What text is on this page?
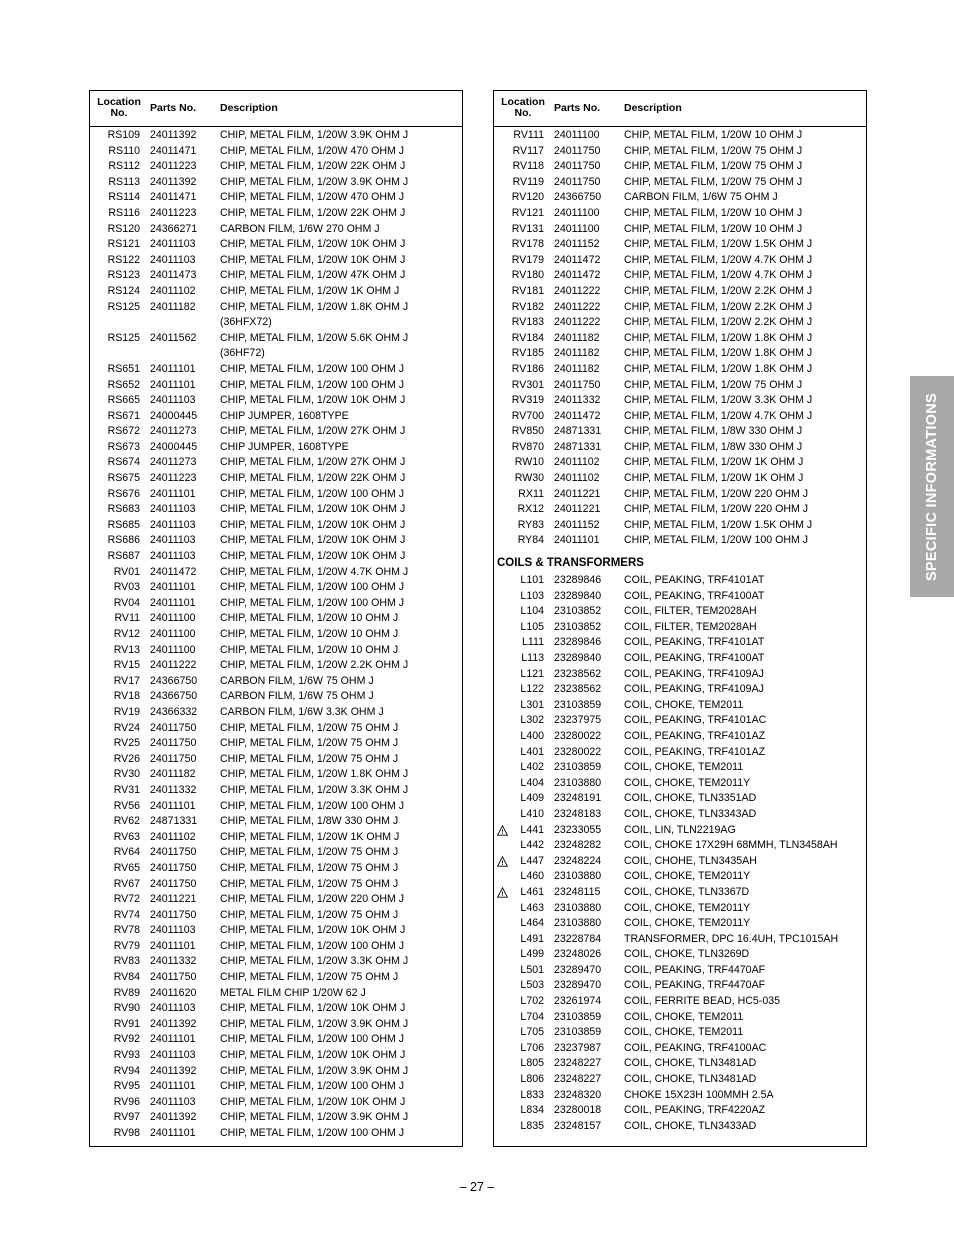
Location
No.	Parts No. Description
RS109 24011392 CHIP, METAL FILM, 1/20W 3.9K OHM J
RS110 24011471 CHIP, METAL FILM, 1/20W 470 OHM J
RS112 24011223 CHIP, METAL FILM, 1/20W 22K OHM J
RS113 24011392 CHIP, METAL FILM, 1/20W 3.9K OHM J
RS114 24011471 CHIP, METAL FILM, 1/20W 470 OHM J
RS116 24011223 CHIP, METAL FILM, 1/20W 22K OHM J
RS120 24366271 CARBON FILM, 1/6W 270 OHM J
RS121 24011103 CHIP, METAL FILM, 1/20W 10K OHM J
RS122 24011103 CHIP, METAL FILM, 1/20W 10K OHM J
RS123 24011473 CHIP, METAL FILM, 1/20W 47K OHM J
RS124 24011102 CHIP, METAL FILM, 1/20W 1K OHM J
RS125 24011182 CHIP, METAL FILM, 1/20W 1.8K OHM J
(36HFX72)
RS125 24011562 CHIP, METAL FILM, 1/20W 5.6K OHM J
(36HF72)
RS651 24011101 CHIP, METAL FILM, 1/20W 100 OHM J
RS652 24011101 CHIP, METAL FILM, 1/20W 100 OHM J
RS665 24011103 CHIP, METAL FILM, 1/20W 10K OHM J
RS671 24000445 CHIP JUMPER, 1608TYPE
RS672 24011273 CHIP, METAL FILM, 1/20W 27K OHM J
RS673 24000445 CHIP JUMPER, 1608TYPE
RS674 24011273 CHIP, METAL FILM, 1/20W 27K OHM J
RS675 24011223 CHIP, METAL FILM, 1/20W 22K OHM J
RS676 24011101 CHIP, METAL FILM, 1/20W 100 OHM J
RS683 24011103 CHIP, METAL FILM, 1/20W 10K OHM J
RS685 24011103 CHIP, METAL FILM, 1/20W 10K OHM J
RS686 24011103 CHIP, METAL FILM, 1/20W 10K OHM J
RS687 24011103 CHIP, METAL FILM, 1/20W 10K OHM J
RV01 24011472 CHIP, METAL FILM, 1/20W 4.7K OHM J
RV03 24011101 CHIP, METAL FILM, 1/20W 100 OHM J
RV04 24011101 CHIP, METAL FILM, 1/20W 100 OHM J
RV11 24011100 CHIP, METAL FILM, 1/20W 10 OHM J
RV12 24011100 CHIP, METAL FILM, 1/20W 10 OHM J
RV13 24011100 CHIP, METAL FILM, 1/20W 10 OHM J
RV15 24011222 CHIP, METAL FILM, 1/20W 2.2K OHM J
RV17 24366750 CARBON FILM, 1/6W 75 OHM J
RV18 24366750 CARBON FILM, 1/6W 75 OHM J
RV19 24366332 CARBON FILM, 1/6W 3.3K OHM J
RV24 24011750 CHIP, METAL FILM, 1/20W 75 OHM J
RV25 24011750 CHIP, METAL FILM, 1/20W 75 OHM J
RV26 24011750 CHIP, METAL FILM, 1/20W 75 OHM J
RV30 24011182 CHIP, METAL FILM, 1/20W 1.8K OHM J
RV31 24011332 CHIP, METAL FILM, 1/20W 3.3K OHM J
RV56 24011101 CHIP, METAL FILM, 1/20W 100 OHM J
RV62 24871331 CHIP, METAL FILM, 1/8W 330 OHM J
RV63 24011102 CHIP, METAL FILM, 1/20W 1K OHM J
RV64 24011750 CHIP, METAL FILM, 1/20W 75 OHM J
RV65 24011750 CHIP, METAL FILM, 1/20W 75 OHM J
RV67 24011750 CHIP, METAL FILM, 1/20W 75 OHM J
RV72 24011221 CHIP, METAL FILM, 1/20W 220 OHM J
RV74 24011750 CHIP, METAL FILM, 1/20W 75 OHM J
RV78 24011103 CHIP, METAL FILM, 1/20W 10K OHM J
RV79 24011101 CHIP, METAL FILM, 1/20W 100 OHM J
RV83 24011332 CHIP, METAL FILM, 1/20W 3.3K OHM J
RV84 24011750 CHIP, METAL FILM, 1/20W 75 OHM J
RV89 24011620 METAL FILM CHIP 1/20W 62 J
RV90 24011103 CHIP, METAL FILM, 1/20W 10K OHM J
RV91 24011392 CHIP, METAL FILM, 1/20W 3.9K OHM J
RV92 24011101 CHIP, METAL FILM, 1/20W 100 OHM J
RV93 24011103 CHIP, METAL FILM, 1/20W 10K OHM J
RV94 24011392 CHIP, METAL FILM, 1/20W 3.9K OHM J
RV95 24011101 CHIP, METAL FILM, 1/20W 100 OHM J
RV96 24011103 CHIP, METAL FILM, 1/20W 10K OHM J
RV97 24011392 CHIP, METAL FILM, 1/20W 3.9K OHM J
RV98 24011101 CHIP, METAL FILM, 1/20W 100 OHM J
Location
No.	Parts No. Description
RV111 24011100 CHIP, METAL FILM, 1/20W 10 OHM J
RV117 24011750 CHIP, METAL FILM, 1/20W 75 OHM J
RV118 24011750 CHIP, METAL FILM, 1/20W 75 OHM J
RV119 24011750 CHIP, METAL FILM, 1/20W 75 OHM J
RV120 24366750 CARBON FILM, 1/6W 75 OHM J
RV121 24011100 CHIP, METAL FILM, 1/20W 10 OHM J
RV131 24011100 CHIP, METAL FILM, 1/20W 10 OHM J
RV178 24011152 CHIP, METAL FILM, 1/20W 1.5K OHM J
RV179 24011472 CHIP, METAL FILM, 1/20W 4.7K OHM J
RV180 24011472 CHIP, METAL FILM, 1/20W 4.7K OHM J
RV181 24011222 CHIP, METAL FILM, 1/20W 2.2K OHM J
RV182 24011222 CHIP, METAL FILM, 1/20W 2.2K OHM J
RV183 24011222 CHIP, METAL FILM, 1/20W 2.2K OHM J
RV184 24011182 CHIP, METAL FILM, 1/20W 1.8K OHM J
RV185 24011182 CHIP, METAL FILM, 1/20W 1.8K OHM J
RV186 24011182 CHIP, METAL FILM, 1/20W 1.8K OHM J
RV301 24011750 CHIP, METAL FILM, 1/20W 75 OHM J
RV319 24011332 CHIP, METAL FILM, 1/20W 3.3K OHM J
RV700 24011472 CHIP, METAL FILM, 1/20W 4.7K OHM J
RV850 24871331 CHIP, METAL FILM, 1/8W 330 OHM J
RV870 24871331 CHIP, METAL FILM, 1/8W 330 OHM J
RW10 24011102 CHIP, METAL FILM, 1/20W 1K OHM J
RW30 24011102 CHIP, METAL FILM, 1/20W 1K OHM J
RX11 24011221 CHIP, METAL FILM, 1/20W 220 OHM J
RX12 24011221 CHIP, METAL FILM, 1/20W 220 OHM J
RY83 24011152 CHIP, METAL FILM, 1/20W 1.5K OHM J
RY84 24011101 CHIP, METAL FILM, 1/20W 100 OHM J
COILS & TRANSFORMERS
L101 23289846 COIL, PEAKING, TRF4101AT
L103 23289840 COIL, PEAKING, TRF4100AT
L104 23103852 COIL, FILTER, TEM2028AH
L105 23103852 COIL, FILTER, TEM2028AH
L111 23289846 COIL, PEAKING, TRF4101AT
L113 23289840 COIL, PEAKING, TRF4100AT
L121 23238562 COIL, PEAKING, TRF4109AJ
L122 23238562 COIL, PEAKING, TRF4109AJ
L301 23103859 COIL, CHOKE, TEM2011
L302 23237975 COIL, PEAKING, TRF4101AC
L400 23280022 COIL, PEAKING, TRF4101AZ
L401 23280022 COIL, PEAKING, TRF4101AZ
L402 23103859 COIL, CHOKE, TEM2011
L404 23103880 COIL, CHOKE, TEM2011Y
L409 23248191 COIL, CHOKE, TLN3351AD
L410 23248183 COIL, CHOKE, TLN3343AD
!	L441 23233055 COIL, LIN, TLN2219AG
L442 23248282 COIL, CHOKE 17X29H 68MMH, TLN3458AH
!	L447 23248224 COIL, CHOHE, TLN3435AH
L460 23103880 COIL, CHOKE, TEM2011Y
!	L461 23248115 COIL, CHOKE, TLN3367D
L463 23103880 COIL, CHOKE, TEM2011Y
L464 23103880 COIL, CHOKE, TEM2011Y
L491 23228784 TRANSFORMER, DPC 16.4UH, TPC1015AH
L499 23248026 COIL, CHOKE, TLN3269D
L501 23289470 COIL, PEAKING, TRF4470AF
L503 23289470 COIL, PEAKING, TRF4470AF
L702 23261974 COIL, FERRITE BEAD, HC5-035
L704 23103859 COIL, CHOKE, TEM2011
L705 23103859 COIL, CHOKE, TEM2011
L706 23237987 COIL, PEAKING, TRF4100AC
L805 23248227 COIL, CHOKE, TLN3481AD
L806 23248227 COIL, CHOKE, TLN3481AD
L833 23248320 CHOKE 15X23H 100MMH 2.5A
L834 23280018 COIL, PEAKING, TRF4220AZ
L835 23248157 COIL, CHOKE, TLN3433AD
SPECIFIC INFORMATIONS
– 27 –
